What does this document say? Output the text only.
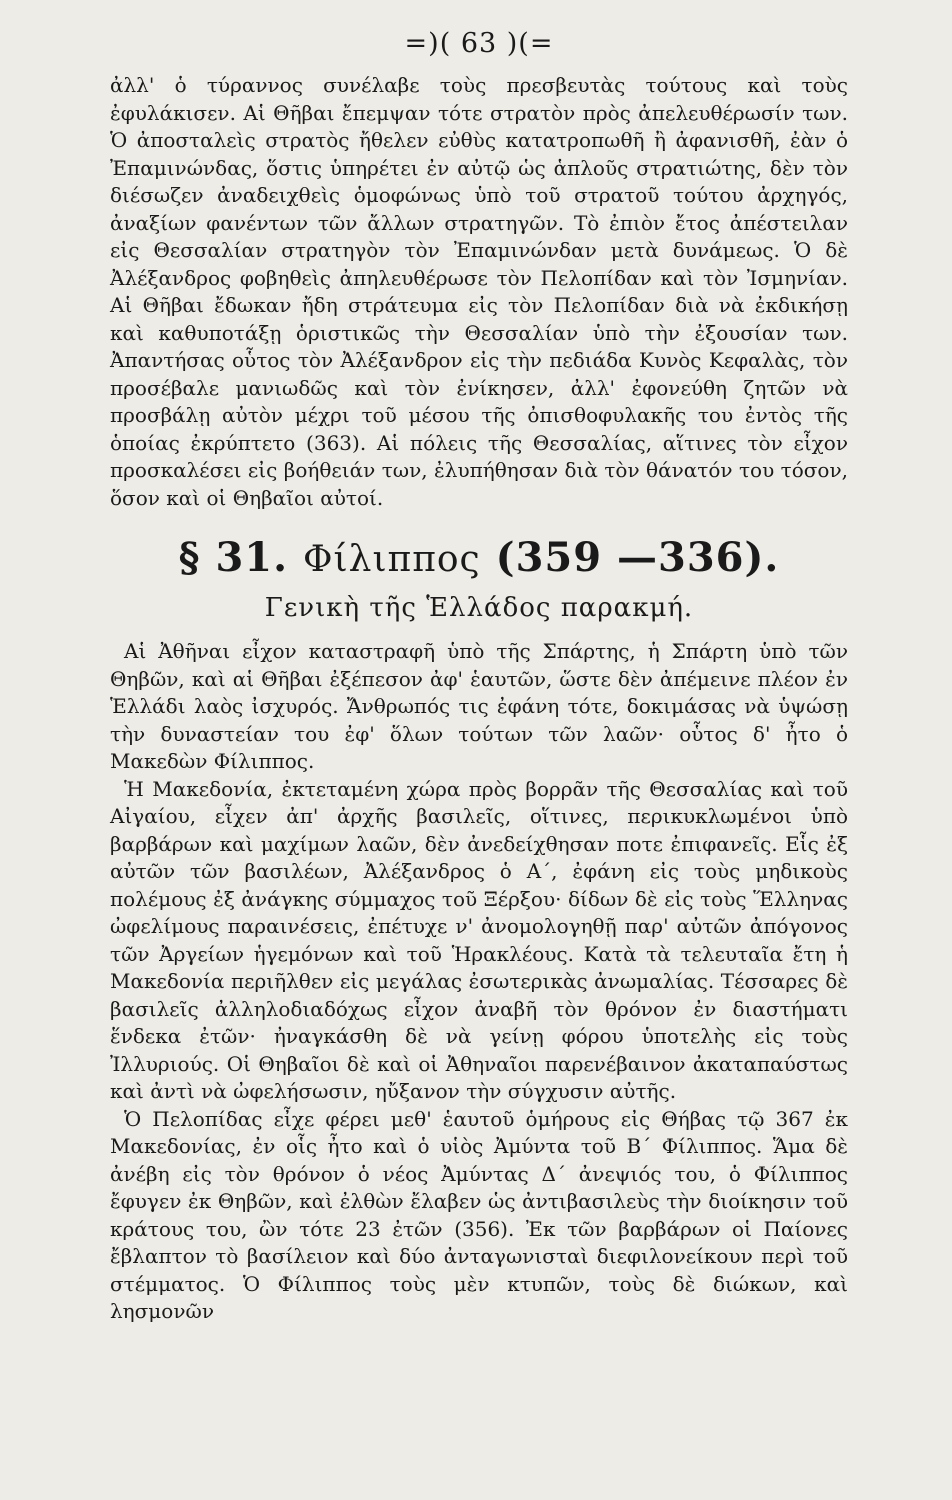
=)( 63 )(=

ἀλλ' ὁ τύραννος συνέλαβε τοὺς πρεσβευτὰς τούτους καὶ τοὺς ἐφυλάκισεν. Αἱ Θῆβαι ἔπεμψαν τότε στρατὸν πρὸς ἀπελευθέρωσίν των. Ὁ ἀποσταλεὶς στρατὸς ἤθελεν εὐθὺς κατατροπωθῆ ἢ ἀφανισθῆ, ἐὰν ὁ Ἐπαμινώνδας, ὅστις ὑπηρέτει ἐν αὐτῷ ὡς ἁπλοῦς στρατιώτης, δὲν τὸν διέσωζεν ἀναδειχθεὶς ὁμοφώνως ὑπὸ τοῦ στρατοῦ τούτου ἀρχηγός, ἀναξίων φανέντων τῶν ἄλλων στρατηγῶν. Τὸ ἐπιὸν ἔτος ἀπέστειλαν εἰς Θεσσαλίαν στρατηγὸν τὸν Ἐπαμινώνδαν μετὰ δυνάμεως. Ὁ δὲ Ἀλέξανδρος φοβηθεὶς ἀπηλευθέρωσε τὸν Πελοπίδαν καὶ τὸν Ἰσμηνίαν. Αἱ Θῆβαι ἔδωκαν ἤδη στράτευμα εἰς τὸν Πελοπίδαν διὰ νὰ ἐκδικήσῃ καὶ καθυποτάξῃ ὁριστικῶς τὴν Θεσσαλίαν ὑπὸ τὴν ἐξουσίαν των. Ἀπαντήσας οὗτος τὸν Ἀλέξανδρον εἰς τὴν πεδιάδα Κυνὸς Κεφαλὰς, τὸν προσέβαλε μανιωδῶς καὶ τὸν ἐνίκησεν, ἀλλ' ἐφονεύθη ζητῶν νὰ προσβάλῃ αὐτὸν μέχρι τοῦ μέσου τῆς ὀπισθοφυλακῆς του ἐντὸς τῆς ὁποίας ἐκρύπτετο (363). Αἱ πόλεις τῆς Θεσσαλίας, αἵτινες τὸν εἶχον προσκαλέσει εἰς βοήθειάν των, ἐλυπήθησαν διὰ τὸν θάνατόν του τόσον, ὅσον καὶ οἱ Θηβαῖοι αὐτοί.

§ 31. Φίλιππος (359 —336).
Γενικὴ τῆς Ἑλλάδος παρακμή.

Αἱ Ἀθῆναι εἶχον καταστραφῆ ὑπὸ τῆς Σπάρτης, ἡ Σπάρτη ὑπὸ τῶν Θηβῶν, καὶ αἱ Θῆβαι ἐξέπεσον ἀφ' ἑαυτῶν, ὥστε δὲν ἀπέμεινε πλέον ἐν Ἑλλάδι λαὸς ἰσχυρός. Ἄνθρωπός τις ἐφάνη τότε, δοκιμάσας νὰ ὑψώσῃ τὴν δυναστείαν του ἐφ' ὅλων τούτων τῶν λαῶν· οὗτος δ' ἦτο ὁ Μακεδὼν Φίλιππος.

Ἡ Μακεδονία, ἐκτεταμένη χώρα πρὸς βορρᾶν τῆς Θεσσαλίας καὶ τοῦ Αἰγαίου, εἶχεν ἀπ' ἀρχῆς βασιλεῖς, οἵτινες, περικυκλωμένοι ὑπὸ βαρβάρων καὶ μαχίμων λαῶν, δὲν ἀνεδείχθησαν ποτε ἐπιφανεῖς. Εἷς ἐξ αὐτῶν τῶν βασιλέων, Ἀλέξανδρος ὁ Α΄, ἐφάνη εἰς τοὺς μηδικοὺς πολέμους ἐξ ἀνάγκης σύμμαχος τοῦ Ξέρξου· δίδων δὲ εἰς τοὺς Ἕλληνας ὠφελίμους παραινέσεις, ἐπέτυχε ν' ἀνομολογηθῇ παρ' αὐτῶν ἀπόγονος τῶν Ἀργείων ἡγεμόνων καὶ τοῦ Ἡρακλέους. Κατὰ τὰ τελευταῖα ἔτη ἡ Μακεδονία περιῆλθεν εἰς μεγάλας ἐσωτερικὰς ἀνωμαλίας. Τέσσαρες δὲ βασιλεῖς ἀλληλοδιαδόχως εἶχον ἀναβῆ τὸν θρόνον ἐν διαστήματι ἕνδεκα ἐτῶν· ἠναγκάσθη δὲ νὰ γείνῃ φόρου ὑποτελὴς εἰς τοὺς Ἰλλυριούς. Οἱ Θηβαῖοι δὲ καὶ οἱ Ἀθηναῖοι παρενέβαινον ἀκαταπαύστως καὶ ἀντὶ νὰ ὠφελήσωσιν, ηὔξανον τὴν σύγχυσιν αὐτῆς.

Ὁ Πελοπίδας εἶχε φέρει μεθ' ἑαυτοῦ ὁμήρους εἰς Θήβας τῷ 367 ἐκ Μακεδονίας, ἐν οἷς ἦτο καὶ ὁ υἱὸς Ἀμύντα τοῦ Β΄ Φίλιππος. Ἅμα δὲ ἀνέβη εἰς τὸν θρόνον ὁ νέος Ἀμύντας Δ΄ ἀνεψιός του, ὁ Φίλιππος ἔφυγεν ἐκ Θηβῶν, καὶ ἐλθὼν ἔλαβεν ὡς ἀντιβασιλεὺς τὴν διοίκησιν τοῦ κράτους του, ὢν τότε 23 ἐτῶν (356). Ἐκ τῶν βαρβάρων οἱ Παίονες ἔβλαπτον τὸ βασίλειον καὶ δύο ἀνταγωνισταὶ διεφιλονείκουν περὶ τοῦ στέμματος. Ὁ Φίλιππος τοὺς μὲν κτυπῶν, τοὺς δὲ διώκων, καὶ λησμονῶν
